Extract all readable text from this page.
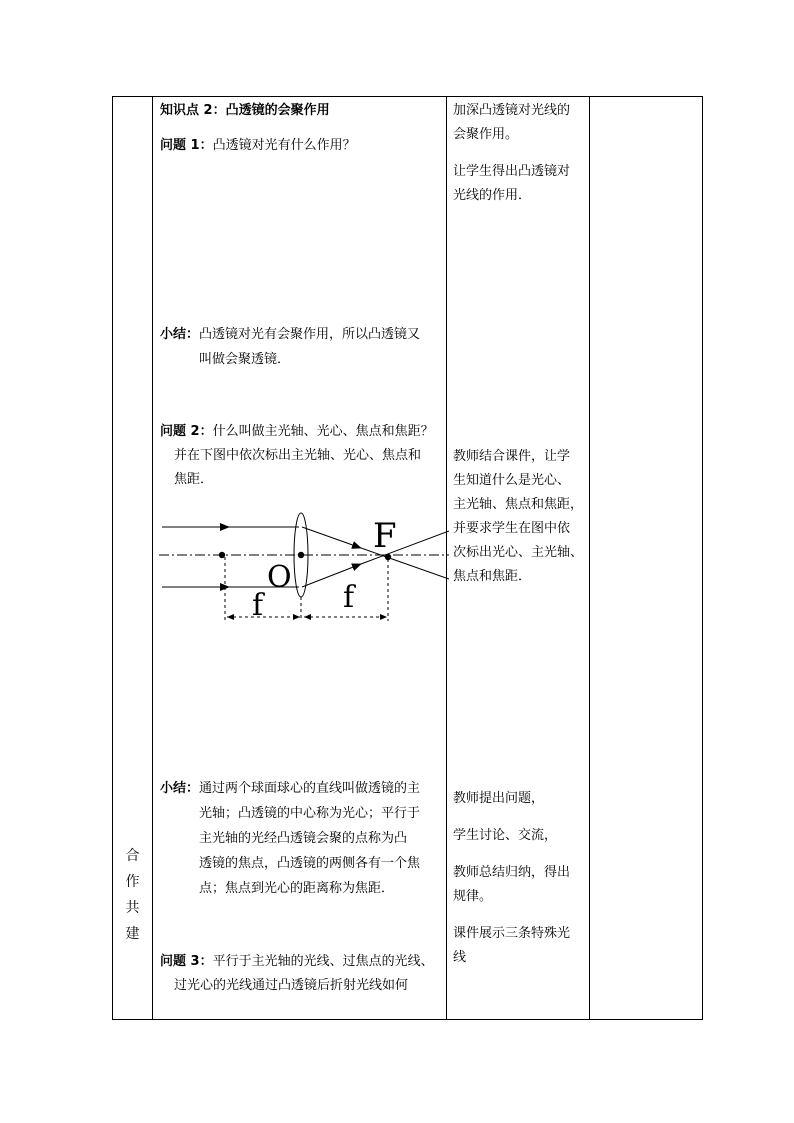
合
作
共
建
知识点 2：凸透镜的会聚作用
问题 1：凸透镜对光有什么作用？
小结：凸透镜对光有会聚作用，所以凸透镜又
叫做会聚透镜．
问题 2：什么叫做主光轴、光心、焦点和焦距？
并在下图中依次标出主光轴、光心、焦点和
焦距．
F
O
f	f
小结：通过两个球面球心的直线叫做透镜的主
光轴；凸透镜的中心称为光心；平行于
主光轴的光经凸透镜会聚的点称为凸
透镜的焦点，凸透镜的两侧各有一个焦
点；焦点到光心的距离称为焦距．
问题 3：平行于主光轴的光线、过焦点的光线、
过光心的光线通过凸透镜后折射光线如何
加深凸透镜对光线的
会聚作用。
让学生得出凸透镜对
光线的作用．
教师结合课件，让学
生知道什么是光心、
主光轴、焦点和焦距，
并要求学生在图中依
次标出光心、主光轴、
焦点和焦距．
教师提出问题，
学生讨论、交流，
教师总结归纳，得出
规律。
课件展示三条特殊光
线
